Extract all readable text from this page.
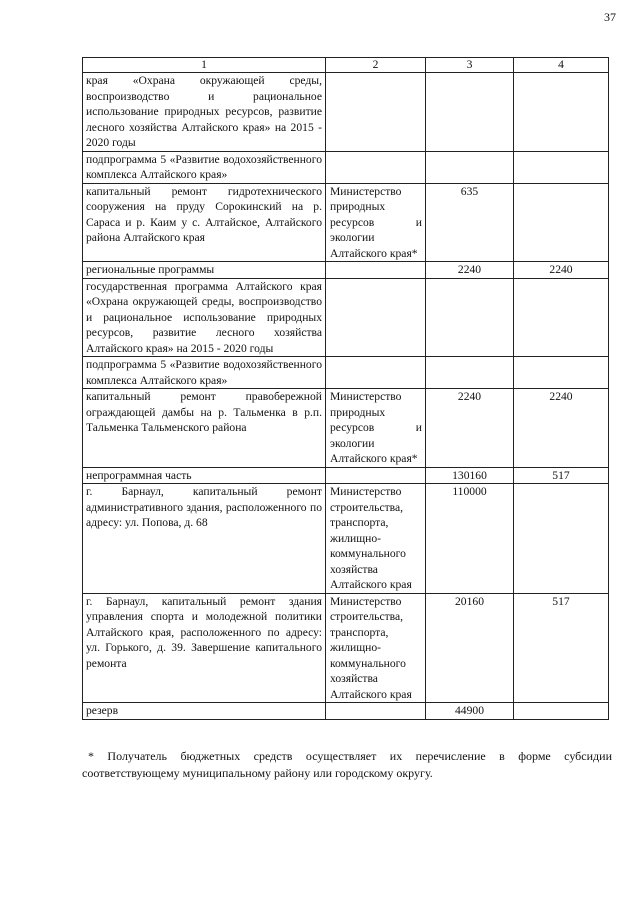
37
1	2	3	4
края «Охрана окружающей среды, воспроизводство и рациональное использование природных ресурсов, развитие лесного хозяйства Алтайского края» на 2015 - 2020 годы			
подпрограмма 5 «Развитие водохозяйственного комплекса Алтайского края»			
капитальный ремонт гидротехнического сооружения на пруду Сорокинский на р. Сараса и р. Каим у с. Алтайское, Алтайского района Алтайского края	Министерство природных ресурсов и экологии Алтайского края*	635	
региональные программы		2240	2240
государственная программа Алтайского края «Охрана окружающей среды, воспроизводство и рациональное использование природных ресурсов, развитие лесного хозяйства Алтайского края» на 2015 - 2020 годы			
подпрограмма 5 «Развитие водохозяйственного комплекса Алтайского края»			
капитальный ремонт правобережной ограждающей дамбы на р. Тальменка в р.п. Тальменка Тальменского района	Министерство природных ресурсов и экологии Алтайского края*	2240	2240
непрограммная часть		130160	517
г. Барнаул, капитальный ремонт административного здания, расположенного по адресу: ул. Попова, д. 68	Министерство строительства, транспорта, жилищно-коммунального хозяйства Алтайского края	110000	
г. Барнаул, капитальный ремонт здания управления спорта и молодежной политики Алтайского края, расположенного по адресу: ул. Горького, д. 39. Завершение капитального ремонта	Министерство строительства, транспорта, жилищно-коммунального хозяйства Алтайского края	20160	517
резерв		44900	

* Получатель бюджетных средств осуществляет их перечисление в форме субсидии соответствующему муниципальному району или городскому округу.
